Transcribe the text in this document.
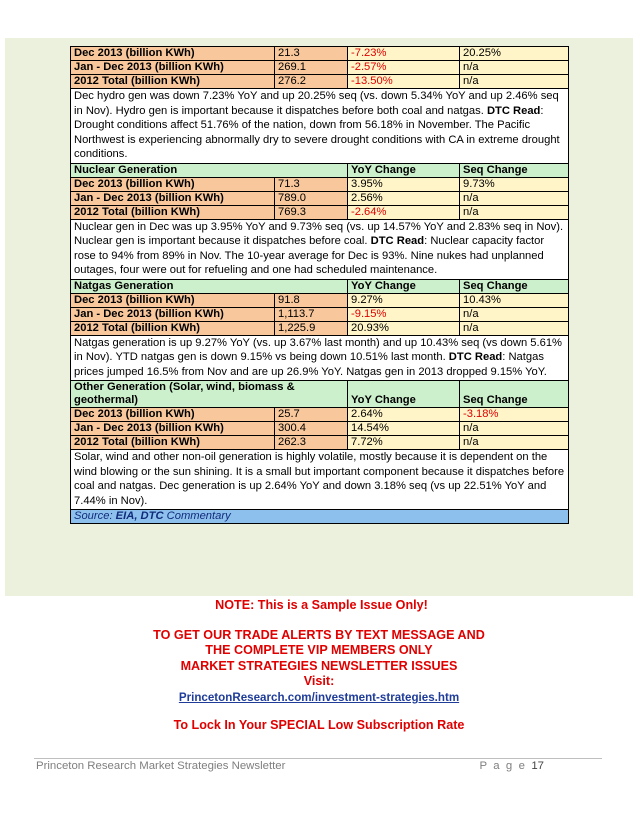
Dec 2013 (billion KWh)	21.3	-7.23%	20.25%
Jan - Dec 2013 (billion KWh)	269.1	-2.57%	n/a
2012 Total (billion KWh)	276.2	-13.50%	n/a
Dec hydro gen was down 7.23% YoY and up 20.25% seq (vs. down 5.34% YoY and up 2.46% seq in Nov). Hydro gen is important because it dispatches before both coal and natgas. DTC Read: Drought conditions affect 51.76% of the nation, down from 56.18% in November. The Pacific Northwest is experiencing abnormally dry to severe drought conditions with CA in extreme drought conditions.			
Nuclear Generation		YoY Change	Seq Change
Dec 2013 (billion KWh)	71.3	3.95%	9.73%
Jan - Dec 2013 (billion KWh)	789.0	2.56%	n/a
2012 Total (billion KWh)	769.3	-2.64%	n/a
Nuclear gen in Dec was up 3.95% YoY and 9.73% seq (vs. up 14.57% YoY and 2.83% seq in Nov). Nuclear gen is important because it dispatches before coal. DTC Read: Nuclear capacity factor rose to 94% from 89% in Nov. The 10-year average for Dec is 93%. Nine nukes had unplanned outages, four were out for refueling and one had scheduled maintenance.			
Natgas Generation		YoY Change	Seq Change
Dec 2013 (billion KWh)	91.8	9.27%	10.43%
Jan - Dec 2013 (billion KWh)	1,113.7	-9.15%	n/a
2012 Total (billion KWh)	1,225.9	20.93%	n/a
Natgas generation is up 9.27% YoY (vs. up 3.67% last month) and up 10.43% seq (vs down 5.61% in Nov). YTD natgas gen is down 9.15% vs being down 10.51% last month. DTC Read: Natgas prices jumped 16.5% from Nov and are up 26.9% YoY. Natgas gen in 2013 dropped 9.15% YoY.			
Other Generation (Solar, wind, biomass &
geothermal)		YoY Change	Seq Change
Dec 2013 (billion KWh)	25.7	2.64%	-3.18%
Jan - Dec 2013 (billion KWh)	300.4	14.54%	n/a
2012 Total (billion KWh)	262.3	7.72%	n/a
Solar, wind and other non-oil generation is highly volatile, mostly because it is dependent on the wind blowing or the sun shining. It is a small but important component because it dispatches before coal and natgas. Dec generation is up 2.64% YoY and down 3.18% seq (vs up 22.51% YoY and 7.44% in Nov).			
Source: EIA, DTC Commentary			
NOTE: This is a Sample Issue Only!
TO GET OUR TRADE ALERTS BY TEXT MESSAGE AND
THE COMPLETE VIP MEMBERS ONLY
MARKET STRATEGIES NEWSLETTER ISSUES
Visit:
PrincetonResearch.com/investment-strategies.htm
To Lock In Your SPECIAL Low Subscription Rate
Princeton Research Market Strategies Newsletter	P a g e 17
